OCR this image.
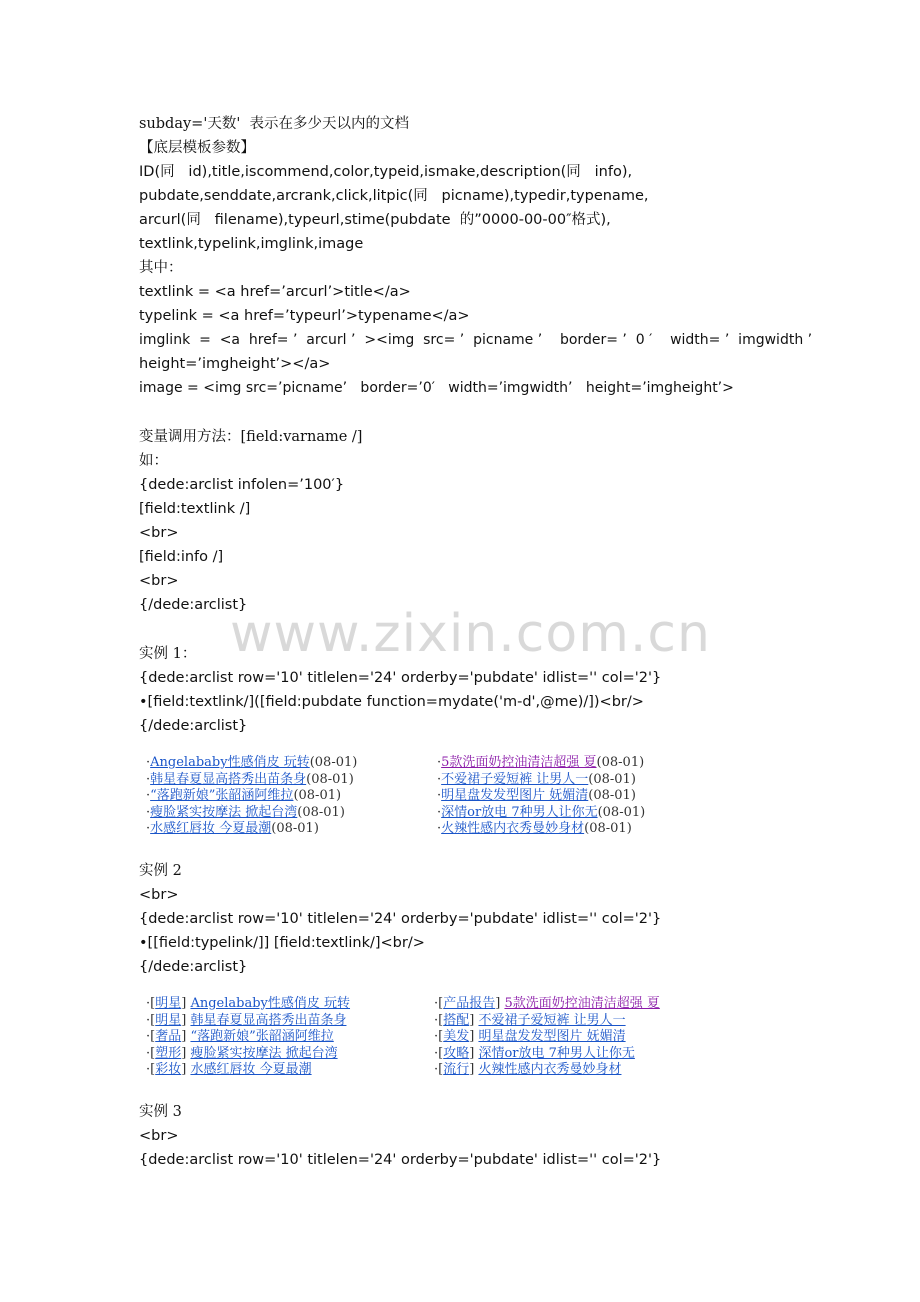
subday='天数'  表示在多少天以内的文档
【底层模板参数】
ID(同   id),title,iscommend,color,typeid,ismake,description(同   info),
pubdate,senddate,arcrank,click,litpic(同   picname),typedir,typename,
arcurl(同   filename),typeurl,stime(pubdate  的”0000-00-00″格式),
textlink,typelink,imglink,image
其中：
textlink = <a href=’arcurl’>title</a>
typelink = <a href=’typeurl’>typename</a>
imglink  =  <a  href= ’  arcurl ’  ><img  src= ’  picname ’    border= ’  0 ′    width= ’  imgwidth ’
height=’imgheight’></a>
image = <img src=’picname’   border=’0′   width=’imgwidth’   height=’imgheight’>
变量调用方法：[field:varname /]
如：
{dede:arclist infolen=’100′}
[field:textlink /]
<br>
[field:info /]
<br>
{/dede:arclist}
www.zixin.com.cn
实例 1：
{dede:arclist row='10' titlelen='24' orderby='pubdate' idlist='' col='2'}
•[field:textlink/]([field:pubdate function=mydate('m-d',@me)/])<br/>
{/dede:arclist}
·Angelababy性感俏皮 玩转(08-01)
·韩星春夏显高搭秀出苗条身(08-01)
·“落跑新娘”张韶涵阿维拉(08-01)
·瘦脸紧实按摩法 掀起台湾(08-01)
·水感红唇妆 今夏最潮(08-01)
·5款洗面奶控油清洁超强 夏(08-01)
·不爱裙子爱短裤 让男人一(08-01)
·明星盘发发型图片 妩媚清(08-01)
·深情or放电 7种男人让你无(08-01)
·火辣性感内衣秀曼妙身材(08-01)
实例 2
<br>
{dede:arclist row='10' titlelen='24' orderby='pubdate' idlist='' col='2'}
•[[field:typelink/]] [field:textlink/]<br/>
{/dede:arclist}
·[明星] Angelababy性感俏皮 玩转
·[明星] 韩星春夏显高搭秀出苗条身
·[奢品] “落跑新娘”张韶涵阿维拉
·[塑形] 瘦脸紧实按摩法 掀起台湾
·[彩妆] 水感红唇妆 今夏最潮
·[产品报告] 5款洗面奶控油清洁超强 夏
·[搭配] 不爱裙子爱短裤 让男人一
·[美发] 明星盘发发型图片 妩媚清
·[攻略] 深情or放电 7种男人让你无
·[流行] 火辣性感内衣秀曼妙身材
实例 3
<br>
{dede:arclist row='10' titlelen='24' orderby='pubdate' idlist='' col='2'}
